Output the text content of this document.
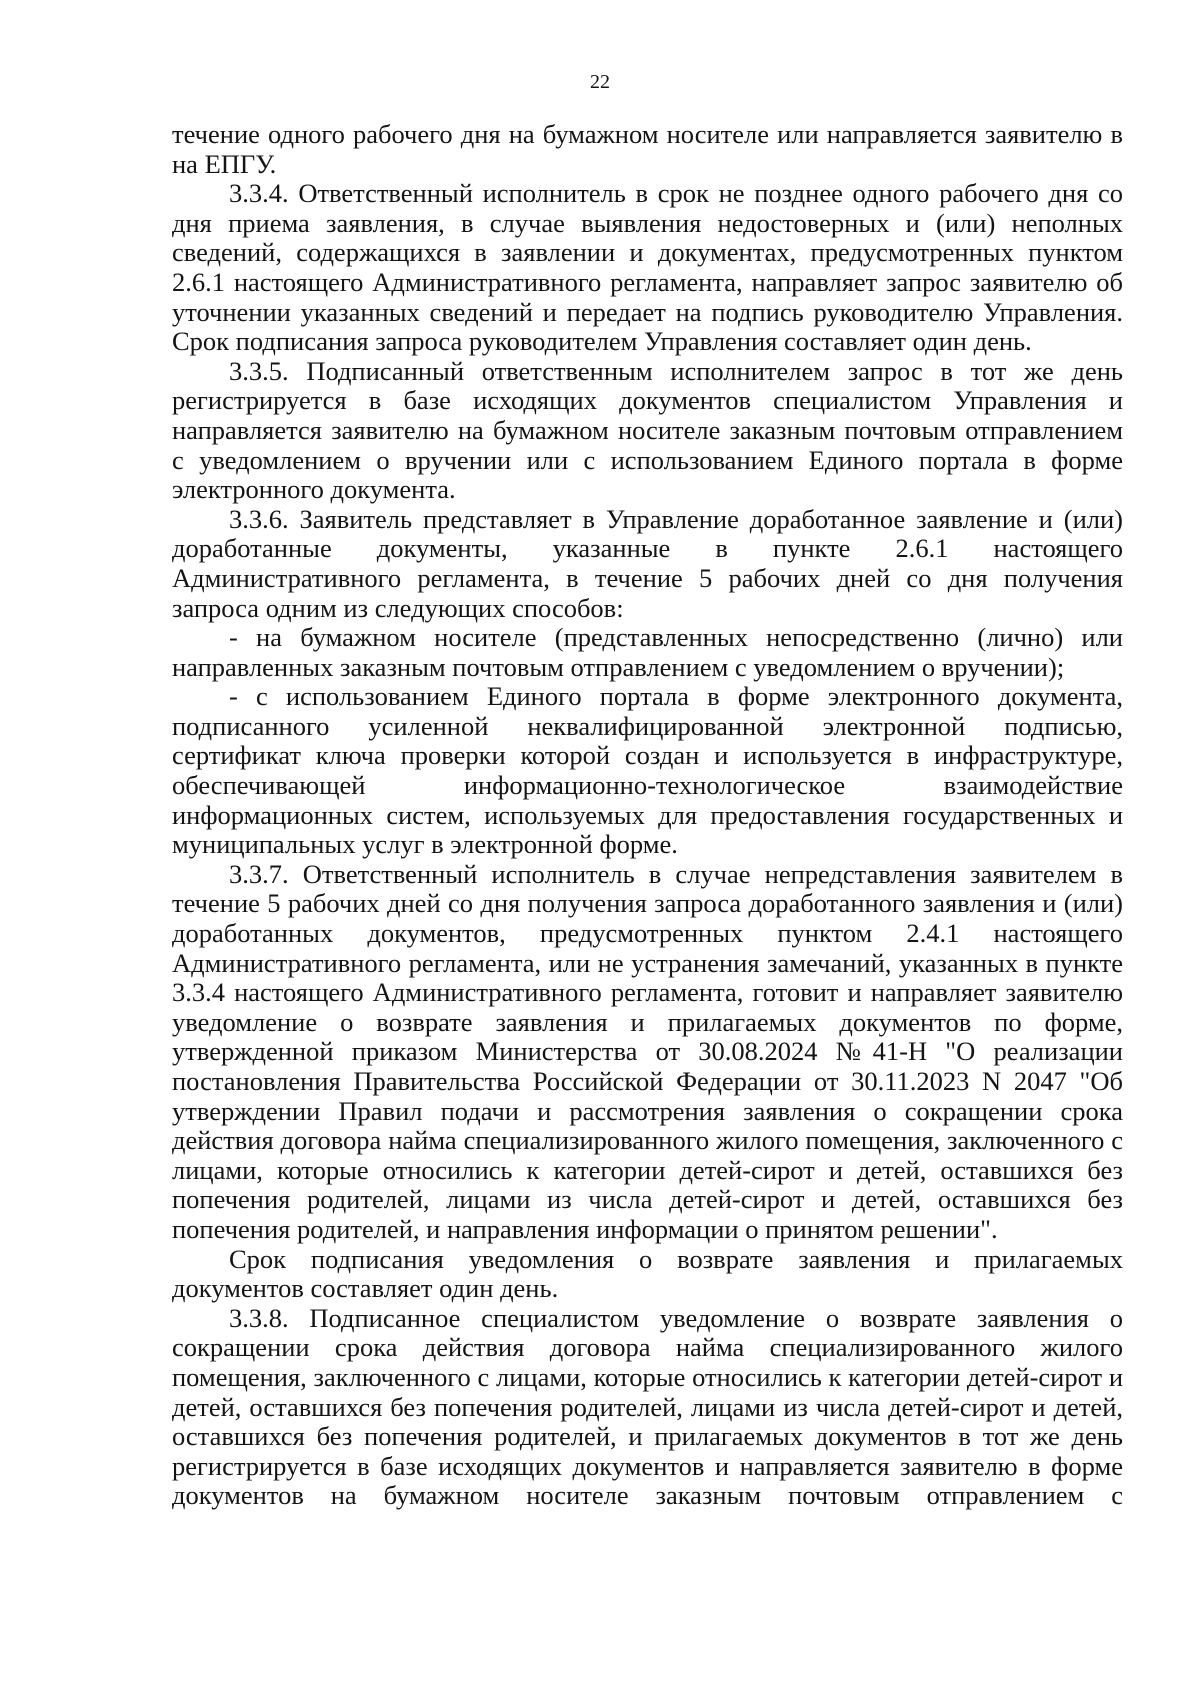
22

течение одного рабочего дня на бумажном носителе или направляется заявителю в на ЕПГУ.

3.3.4. Ответственный исполнитель в срок не позднее одного рабочего дня со дня приема заявления, в случае выявления недостоверных и (или) неполных сведений, содержащихся в заявлении и документах, предусмотренных пунктом 2.6.1 настоящего Административного регламента, направляет запрос заявителю об уточнении указанных сведений и передает на подпись руководителю Управления. Срок подписания запроса руководителем Управления составляет один день.

3.3.5. Подписанный ответственным исполнителем запрос в тот же день регистрируется в базе исходящих документов специалистом Управления и направляется заявителю на бумажном носителе заказным почтовым отправлением с уведомлением о вручении или с использованием Единого портала в форме электронного документа.

3.3.6. Заявитель представляет в Управление доработанное заявление и (или) доработанные документы, указанные в пункте 2.6.1 настоящего Административного регламента, в течение 5 рабочих дней со дня получения запроса одним из следующих способов:

- на бумажном носителе (представленных непосредственно (лично) или направленных заказным почтовым отправлением с уведомлением о вручении);

- с использованием Единого портала в форме электронного документа, подписанного усиленной неквалифицированной электронной подписью, сертификат ключа проверки которой создан и используется в инфраструктуре, обеспечивающей информационно-технологическое взаимодействие информационных систем, используемых для предоставления государственных и муниципальных услуг в электронной форме.

3.3.7. Ответственный исполнитель в случае непредставления заявителем в течение 5 рабочих дней со дня получения запроса доработанного заявления и (или) доработанных документов, предусмотренных пунктом 2.4.1 настоящего Административного регламента, или не устранения замечаний, указанных в пункте 3.3.4 настоящего Административного регламента, готовит и направляет заявителю уведомление о возврате заявления и прилагаемых документов по форме, утвержденной приказом Министерства от 30.08.2024 №41-Н "О реализации постановления Правительства Российской Федерации от 30.11.2023 N 2047 "Об утверждении Правил подачи и рассмотрения заявления о сокращении срока действия договора найма специализированного жилого помещения, заключенного с лицами, которые относились к категории детей-сирот и детей, оставшихся без попечения родителей, лицами из числа детей-сирот и детей, оставшихся без попечения родителей, и направления информации о принятом решении".

Срок подписания уведомления о возврате заявления и прилагаемых документов составляет один день.

3.3.8. Подписанное специалистом уведомление о возврате заявления о сокращении срока действия договора найма специализированного жилого помещения, заключенного с лицами, которые относились к категории детей-сирот и детей, оставшихся без попечения родителей, лицами из числа детей-сирот и детей, оставшихся без попечения родителей, и прилагаемых документов в тот же день регистрируется в базе исходящих документов и направляется заявителю в форме документов на бумажном носителе заказным почтовым отправлением с
